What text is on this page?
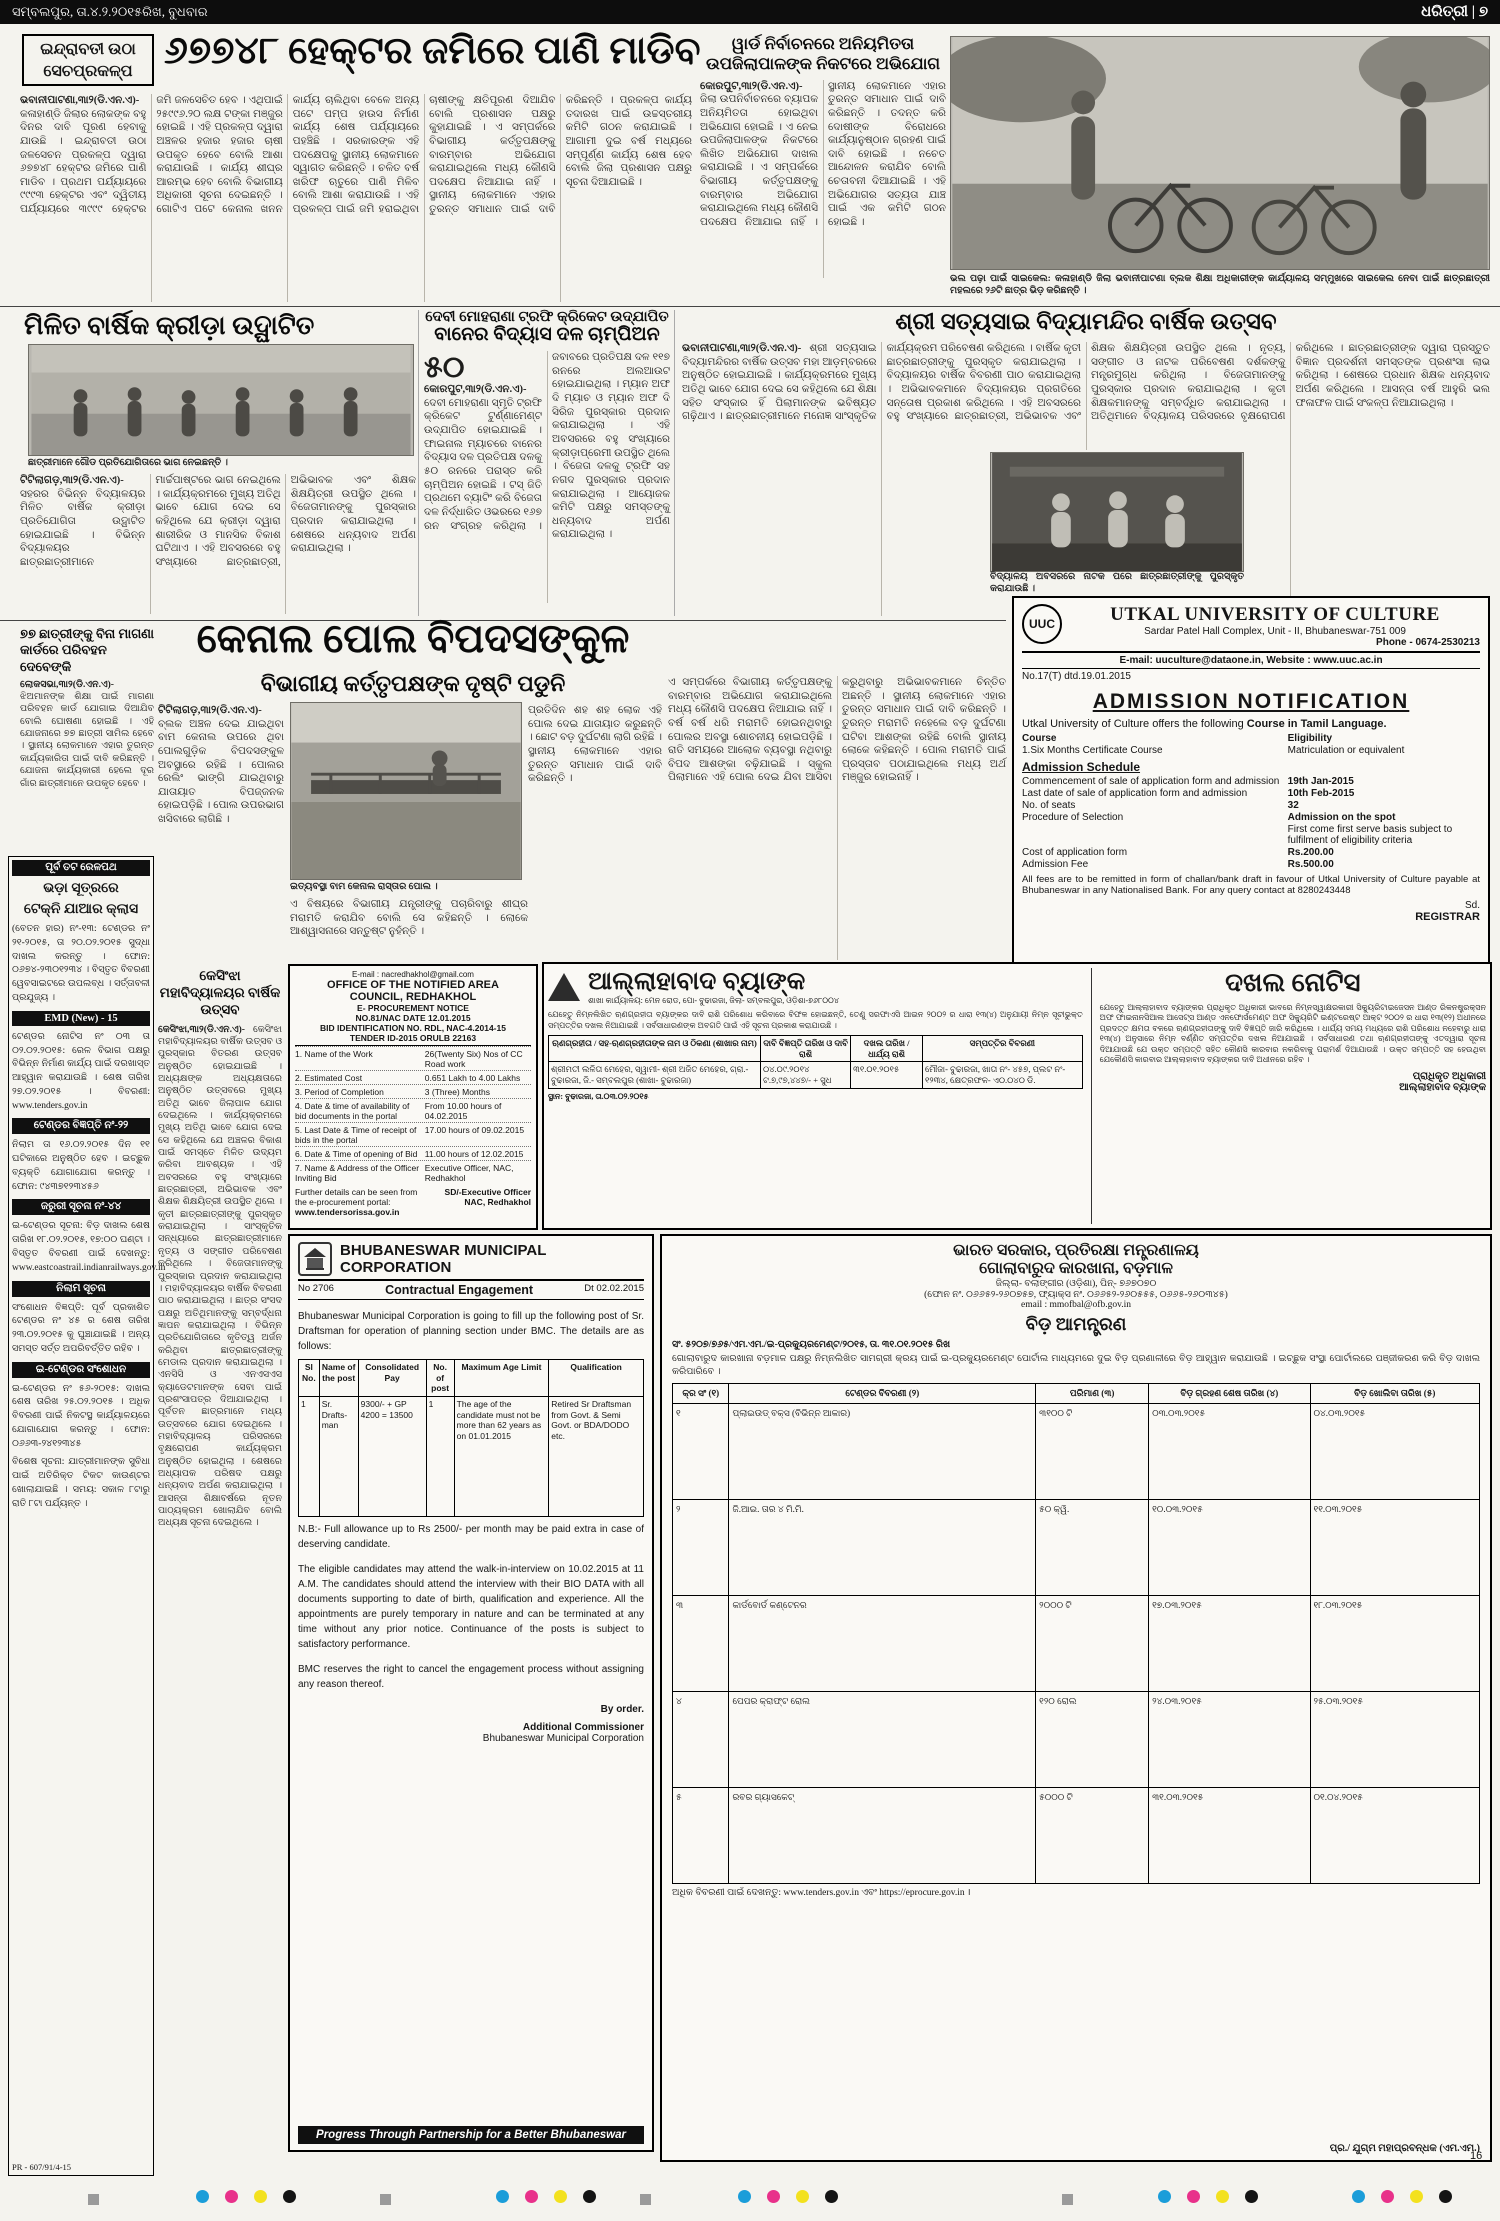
ସମ୍ବଲପୁର, ତା.୪.୨.୨୦୧୫ରିଖ, ବୁଧବାର	ଧରିତ୍ରୀ | ୭
ଇନ୍ଦ୍ରାବତୀ ଉଠା
ସେଚପ୍ରକଳ୍ପ ୬୭୭୪୮ ହେକ୍ଟର ଜମିରେ ପାଣି ମାଡିବ

ଭବାନୀପାଟଣା,୩ା୨(ଡି.ଏନ.ଏ)- କଳାହାଣ୍ଡି ଜିଲାର ଲୋକଙ୍କ ବହୁ ଦିନର ଦାବି ପୂରଣ ହେବାକୁ ଯାଉଛି । ଇନ୍ଦ୍ରାବତୀ ଉଠା ଜଳସେଚନ ପ୍ରକଳ୍ପ ଦ୍ୱାରା ୬୭୭୪୮ ହେକ୍ଟର ଜମିରେ ପାଣି ମାଡିବ । ପ୍ରଥମ ପର୍ଯ୍ୟାୟରେ ୯୯୯୩ ହେକ୍ଟର ଏବଂ ଦ୍ୱିତୀୟ ପର୍ଯ୍ୟାୟରେ ୩୯୯୯ ହେକ୍ଟର ଜମି ଜଳସେଚିତ ହେବ । ଏଥିପାଇଁ ୨୫୯୯୬.୨୦ ଲକ୍ଷ ଟଙ୍କା ମଞ୍ଜୁର ହୋଇଛି । ଏହି ପ୍ରକଳ୍ପ ଦ୍ୱାରା ଅଞ୍ଚଳର ହଜାର ହଜାର ଚାଷୀ ଉପକୃତ ହେବେ ବୋଲି ଆଶା କରାଯାଉଛି । କାର୍ଯ୍ୟ ଶୀଘ୍ର ଆରମ୍ଭ ହେବ ବୋଲି ବିଭାଗୀୟ ଅଧିକାରୀ ସୂଚନା ଦେଇଛନ୍ତି । ଗୋଟିଏ ପଟେ କେନାଲ ଖନନ କାର୍ଯ୍ୟ ଚାଲିଥିବା ବେଳେ ଅନ୍ୟ ପଟେ ପମ୍ପ ହାଉସ ନିର୍ମାଣ କାର୍ଯ୍ୟ ଶେଷ ପର୍ଯ୍ୟାୟରେ ପହଞ୍ଚିଛି । ସରକାରଙ୍କ ଏହି ପଦକ୍ଷେପକୁ ସ୍ଥାନୀୟ ଲୋକମାନେ ସ୍ୱାଗତ କରିଛନ୍ତି । ଚଳିତ ବର୍ଷ ଖରିଫ ଋତୁରେ ପାଣି ମିଳିବ ବୋଲି ଆଶା କରାଯାଉଛି । ଏହି ପ୍ରକଳ୍ପ ପାଇଁ ଜମି ହରାଇଥିବା ଚାଷୀଙ୍କୁ କ୍ଷତିପୂରଣ ଦିଆଯିବ ବୋଲି ପ୍ରଶାସନ ପକ୍ଷରୁ କୁହାଯାଇଛି । ଏ ସମ୍ପର୍କରେ ବିଭାଗୀୟ କର୍ତ୍ତୃପକ୍ଷଙ୍କୁ ବାରମ୍ବାର ଅଭିଯୋଗ କରାଯାଇଥିଲେ ମଧ୍ୟ କୌଣସି ପଦକ୍ଷେପ ନିଆଯାଇ ନାହିଁ । ସ୍ଥାନୀୟ ଲୋକମାନେ ଏହାର ତୁରନ୍ତ ସମାଧାନ ପାଇଁ ଦାବି କରିଛନ୍ତି । ପ୍ରକଳ୍ପ କାର୍ଯ୍ୟ ତଦାରଖ ପାଇଁ ଉଚ୍ଚସ୍ତରୀୟ କମିଟି ଗଠନ କରାଯାଇଛି । ଆଗାମୀ ଦୁଇ ବର୍ଷ ମଧ୍ୟରେ ସମ୍ପୂର୍ଣ୍ଣ କାର୍ଯ୍ୟ ଶେଷ ହେବ ବୋଲି ଜିଲା ପ୍ରଶାସନ ପକ୍ଷରୁ ସୂଚନା ଦିଆଯାଇଛି ।

ୱାର୍ଡ ନିର୍ବାଚନରେ ଅନିୟମିତତା ଉପଜିଲାପାଳଙ୍କ ନିକଟରେ ଅଭିଯୋଗ

କୋରପୁଟ,୩ା୨(ଡି.ଏନ.ଏ)- ଜିଲା ଉପନିର୍ବାଚନରେ ବ୍ୟାପକ ଅନିୟମିତତା ହୋଇଥିବା ଅଭିଯୋଗ ହୋଇଛି । ଏ ନେଇ ଉପଜିଲାପାଳଙ୍କ ନିକଟରେ ଲିଖିତ ଅଭିଯୋଗ ଦାଖଲ କରାଯାଇଛି । ଏ ସମ୍ପର୍କରେ ବିଭାଗୀୟ କର୍ତ୍ତୃପକ୍ଷଙ୍କୁ ବାରମ୍ବାର ଅଭିଯୋଗ କରାଯାଇଥିଲେ ମଧ୍ୟ କୌଣସି ପଦକ୍ଷେପ ନିଆଯାଇ ନାହିଁ । ସ୍ଥାନୀୟ ଲୋକମାନେ ଏହାର ତୁରନ୍ତ ସମାଧାନ ପାଇଁ ଦାବି କରିଛନ୍ତି । ତଦନ୍ତ କରି ଦୋଷୀଙ୍କ ବିରୋଧରେ କାର୍ଯ୍ୟାନୁଷ୍ଠାନ ଗ୍ରହଣ ପାଇଁ ଦାବି ହୋଇଛି । ନଚେତ ଆନ୍ଦୋଳନ କରାଯିବ ବୋଲି ଚେତାବନୀ ଦିଆଯାଇଛି । ଏହି ଅଭିଯୋଗର ସତ୍ୟତା ଯାଞ୍ଚ ପାଇଁ ଏକ କମିଟି ଗଠନ ହୋଇଛି ।

ଭଲ ପଢ଼ା ପାଇଁ ସାଇକେଲ: କଳାହାଣ୍ଡି ଜିଲା ଭବାନୀପାଟଣା ବ୍ଲକ ଶିକ୍ଷା ଅଧିକାରୀଙ୍କ କାର୍ଯ୍ୟାଳୟ ସମ୍ମୁଖରେ ସାଇକେଲ ନେବା ପାଇଁ ଛାତ୍ରଛାତ୍ରୀ ମହଲରେ ୨୬ଟି ଛାତ୍ର ଭିଡ଼ କରିଛନ୍ତି ।

ମିଳିତ ବାର୍ଷିକ କ୍ରୀଡ଼ା ଉଦ୍ଘାଟିତ

ଛାତ୍ରୀମାନେ ଗୌଡ ପ୍ରତିଯୋଗିତାରେ ଭାଗ ନେଇଛନ୍ତି ।

ଟିଟିଲାଗଡ଼,୩ା୨(ଡି.ଏନ.ଏ)- ସହରର ବିଭିନ୍ନ ବିଦ୍ୟାଳୟର ମିଳିତ ବାର୍ଷିକ କ୍ରୀଡ଼ା ପ୍ରତିଯୋଗିତା ଉଦ୍ଘାଟିତ ହୋଇଯାଇଛି । ବିଭିନ୍ନ ବିଦ୍ୟାଳୟର ଛାତ୍ରଛାତ୍ରୀମାନେ ମାର୍ଚ୍ଚପାଷ୍ଟରେ ଭାଗ ନେଇଥିଲେ । କାର୍ଯ୍ୟକ୍ରମରେ ମୁଖ୍ୟ ଅତିଥି ଭାବେ ଯୋଗ ଦେଇ ସେ କହିଥିଲେ ଯେ କ୍ରୀଡ଼ା ଦ୍ୱାରା ଶାରୀରିକ ଓ ମାନସିକ ବିକାଶ ଘଟିଥାଏ । ଏହି ଅବସରରେ ବହୁ ସଂଖ୍ୟାରେ ଛାତ୍ରଛାତ୍ରୀ, ଅଭିଭାବକ ଏବଂ ଶିକ୍ଷକ ଶିକ୍ଷୟିତ୍ରୀ ଉପସ୍ଥିତ ଥିଲେ । ବିଜେତାମାନଙ୍କୁ ପୁରସ୍କାର ପ୍ରଦାନ କରାଯାଇଥିଲା । ଶେଷରେ ଧନ୍ୟବାଦ ଅର୍ପଣ କରାଯାଇଥିଲା ।

ଦେବୀ ମୋହରାଣା ଟ୍ରଫି କ୍ରିକେଟ ଉଦ୍ଯାପିତ
ବାନେର ବିଦ୍ୟାସ ଦଳ ଚାମ୍ପିଅନ

୫୦
କୋରପୁଟ,୩ା୨(ଡି.ଏନ.ଏ)- ଦେବୀ ମୋହରାଣା ସ୍ମୃତି ଟ୍ରଫି କ୍ରିକେଟ ଟୁର୍ଣ୍ଣାମେଣ୍ଟ ଉଦ୍ଯାପିତ ହୋଇଯାଇଛି । ଫାଇନାଲ ମ୍ୟାଚରେ ବାନେର ବିଦ୍ୟାସ ଦଳ ପ୍ରତିପକ୍ଷ ଦଳକୁ ୫୦ ରନରେ ପରାସ୍ତ କରି ଚାମ୍ପିଅନ ହୋଇଛି । ଟସ୍ ଜିତି ପ୍ରଥମେ ବ୍ୟାଟିଂ କରି ବିଜେତା ଦଳ ନିର୍ଦ୍ଧାରିତ ଓଭରରେ ୧୬୭ ରନ ସଂଗ୍ରହ କରିଥିଲା । ଜବାବରେ ପ୍ରତିପକ୍ଷ ଦଳ ୧୧୭ ରନରେ ଅଲଆଉଟ ହୋଇଯାଇଥିଲା । ମ୍ୟାନ ଅଫ ଦି ମ୍ୟାଚ ଓ ମ୍ୟାନ ଅଫ ଦି ସିରିଜ ପୁରସ୍କାର ପ୍ରଦାନ କରାଯାଇଥିଲା । ଏହି ଅବସରରେ ବହୁ ସଂଖ୍ୟାରେ କ୍ରୀଡ଼ାପ୍ରେମୀ ଉପସ୍ଥିତ ଥିଲେ । ବିଜେତା ଦଳକୁ ଟ୍ରଫି ସହ ନଗଦ ପୁରସ୍କାର ପ୍ରଦାନ କରାଯାଇଥିଲା । ଆୟୋଜକ କମିଟି ପକ୍ଷରୁ ସମସ୍ତଙ୍କୁ ଧନ୍ୟବାଦ ଅର୍ପଣ କରାଯାଇଥିଲା ।

ଶ୍ରୀ ସତ୍ୟସାଇ ବିଦ୍ୟାମନ୍ଦିର ବାର୍ଷିକ ଉତ୍ସବ

ଭବାନୀପାଟଣା,୩ା୨(ଡି.ଏନ.ଏ)- ଶ୍ରୀ ସତ୍ୟସାଇ ବିଦ୍ୟାମନ୍ଦିରର ବାର୍ଷିକ ଉତ୍ସବ ମହା ଆଡ଼ମ୍ବରରେ ଅନୁଷ୍ଠିତ ହୋଇଯାଇଛି । କାର୍ଯ୍ୟକ୍ରମରେ ମୁଖ୍ୟ ଅତିଥି ଭାବେ ଯୋଗ ଦେଇ ସେ କହିଥିଲେ ଯେ ଶିକ୍ଷା ସହିତ ସଂସ୍କାର ହିଁ ପିଲାମାନଙ୍କ ଭବିଷ୍ୟତ ଗଢ଼ିଥାଏ । ଛାତ୍ରଛାତ୍ରୀମାନେ ମନୋଜ୍ଞ ସାଂସ୍କୃତିକ କାର୍ଯ୍ୟକ୍ରମ ପରିବେଷଣ କରିଥିଲେ । ବାର୍ଷିକ କୃତୀ ଛାତ୍ରଛାତ୍ରୀଙ୍କୁ ପୁରସ୍କୃତ କରାଯାଇଥିଲା । ବିଦ୍ୟାଳୟର ବାର୍ଷିକ ବିବରଣୀ ପାଠ କରାଯାଇଥିଲା । ଅଭିଭାବକମାନେ ବିଦ୍ୟାଳୟର ପ୍ରଗତିରେ ସନ୍ତୋଷ ପ୍ରକାଶ କରିଥିଲେ । ଏହି ଅବସରରେ ବହୁ ସଂଖ୍ୟାରେ ଛାତ୍ରଛାତ୍ରୀ, ଅଭିଭାବକ ଏବଂ ଶିକ୍ଷକ ଶିକ୍ଷୟିତ୍ରୀ ଉପସ୍ଥିତ ଥିଲେ । ନୃତ୍ୟ, ସଙ୍ଗୀତ ଓ ନାଟକ ପରିବେଷଣ ଦର୍ଶକଙ୍କୁ ମନ୍ତ୍ରମୁଗ୍ଧ କରିଥିଲା । ବିଜେତାମାନଙ୍କୁ ପୁରସ୍କାର ପ୍ରଦାନ କରାଯାଇଥିଲା । କୃତୀ ଶିକ୍ଷକମାନଙ୍କୁ ସମ୍ବର୍ଦ୍ଧିତ କରାଯାଇଥିଲା । ଅତିଥିମାନେ ବିଦ୍ୟାଳୟ ପରିସରରେ ବୃକ୍ଷରୋପଣ କରିଥିଲେ । ଛାତ୍ରଛାତ୍ରୀଙ୍କ ଦ୍ୱାରା ପ୍ରସ୍ତୁତ ବିଜ୍ଞାନ ପ୍ରଦର୍ଶନୀ ସମସ୍ତଙ୍କ ପ୍ରଶଂସା ଲାଭ କରିଥିଲା । ଶେଷରେ ପ୍ରଧାନ ଶିକ୍ଷକ ଧନ୍ୟବାଦ ଅର୍ପଣ କରିଥିଲେ । ଆସନ୍ତା ବର୍ଷ ଆହୁରି ଭଲ ଫଳାଫଳ ପାଇଁ ସଂକଳ୍ପ ନିଆଯାଇଥିଲା ।

ବିଦ୍ୟାଳୟ ଅବସରରେ ନାଟକ ପରେ ଛାତ୍ରଛାତ୍ରୀଙ୍କୁ ପୁରସ୍କୃତ କରାଯାଉଛି ।

୭୭ ଛାତ୍ରୀଙ୍କୁ ବିନା ମାଗଣା କାର୍ଡରେ ପରିବହନ ଦେବେଙ୍କି

ଲୋକସଭା,୩ା୨(ଡି.ଏନ.ଏ)- ଝିଅମାନଙ୍କ ଶିକ୍ଷା ପାଇଁ ମାଗଣା ପରିବହନ କାର୍ଡ ଯୋଗାଇ ଦିଆଯିବ ବୋଲି ଘୋଷଣା ହୋଇଛି । ଏହି ଯୋଜନାରେ ୭୭ ଛାତ୍ରୀ ସାମିଲ ହେବେ । ସ୍ଥାନୀୟ ଲୋକମାନେ ଏହାର ତୁରନ୍ତ କାର୍ଯ୍ୟକାରିତା ପାଇଁ ଦାବି କରିଛନ୍ତି । ଯୋଜନା କାର୍ଯ୍ୟକାରୀ ହେଲେ ଦୂର ଗାଁର ଛାତ୍ରୀମାନେ ଉପକୃତ ହେବେ ।

କେନାଲ ପୋଲ ବିପଦସଙ୍କୁଳ
ବିଭାଗୀୟ କର୍ତ୍ତୃପକ୍ଷଙ୍କ ଦୃଷ୍ଟି ପଡୁନି

ଟିଟିଲାଗଡ଼,୩ା୨(ଡି.ଏନ.ଏ)- ବ୍ଲକ ଅଞ୍ଚଳ ଦେଇ ଯାଇଥିବା ବାମ କେନାଲ ଉପରେ ଥିବା ପୋଲଗୁଡ଼ିକ ବିପଦସଙ୍କୁଳ ଅବସ୍ଥାରେ ରହିଛି । ପୋଲର ରେଲିଂ ଭାଙ୍ଗି ଯାଇଥିବାରୁ ଯାତାୟାତ ବିପଜ୍ଜନକ ହୋଇପଡ଼ିଛି । ପୋଲ ଉପରଭାଗ ଖସିବାରେ ଲାଗିଛି ।

ଇତ୍ୟବସ୍ଥା ବାମ କେନାଲ ରାସ୍ତାର ପୋଲ ।

ପ୍ରତିଦିନ ଶହ ଶହ ଲୋକ ଏହି ପୋଲ ଦେଇ ଯାତାୟାତ କରୁଛନ୍ତି । ଛୋଟ ବଡ଼ ଦୁର୍ଘଟଣା ଲାଗି ରହିଛି । ସ୍ଥାନୀୟ ଲୋକମାନେ ଏହାର ତୁରନ୍ତ ସମାଧାନ ପାଇଁ ଦାବି କରିଛନ୍ତି ।

ଏ ସମ୍ପର୍କରେ ବିଭାଗୀୟ କର୍ତ୍ତୃପକ୍ଷଙ୍କୁ ବାରମ୍ବାର ଅଭିଯୋଗ କରାଯାଇଥିଲେ ମଧ୍ୟ କୌଣସି ପଦକ୍ଷେପ ନିଆଯାଇ ନାହିଁ । ବର୍ଷ ବର୍ଷ ଧରି ମରାମତି ହୋଇନଥିବାରୁ ପୋଲର ଅବସ୍ଥା ଶୋଚନୀୟ ହୋଇପଡ଼ିଛି । ରାତି ସମୟରେ ଆଲୋକ ବ୍ୟବସ୍ଥା ନଥିବାରୁ ବିପଦ ଆଶଙ୍କା ବଢ଼ିଯାଇଛି । ସ୍କୁଲ ପିଲାମାନେ ଏହି ପୋଲ ଦେଇ ଯିବା ଆସିବା କରୁଥିବାରୁ ଅଭିଭାବକମାନେ ଚିନ୍ତିତ ଅଛନ୍ତି । ସ୍ଥାନୀୟ ଲୋକମାନେ ଏହାର ତୁରନ୍ତ ସମାଧାନ ପାଇଁ ଦାବି କରିଛନ୍ତି । ତୁରନ୍ତ ମରାମତି ନହେଲେ ବଡ଼ ଦୁର୍ଘଟଣା ଘଟିବା ଆଶଙ୍କା ରହିଛି ବୋଲି ସ୍ଥାନୀୟ ଲୋକେ କହିଛନ୍ତି । ପୋଲ ମରାମତି ପାଇଁ ପ୍ରସ୍ତାବ ପଠାଯାଇଥିଲେ ମଧ୍ୟ ଅର୍ଥ ମଞ୍ଜୁର ହୋଇନାହିଁ ।

ଏ ବିଷୟରେ ବିଭାଗୀୟ ଯନ୍ତ୍ରୀଙ୍କୁ ପଚାରିବାରୁ ଶୀଘ୍ର ମରାମତି କରାଯିବ ବୋଲି ସେ କହିଛନ୍ତି । ଲୋକେ ଆଶ୍ୱାସନାରେ ସନ୍ତୁଷ୍ଟ ନୁହଁନ୍ତି ।

UUC	UTKAL UNIVERSITY OF CULTURE
Sardar Patel Hall Complex, Unit - II, Bhubaneswar-751 009
Phone - 0674-2530213
E-mail: uuculture@dataone.in, Website : www.uuc.ac.in
No.17(T) dtd.19.01.2015
ADMISSION NOTIFICATION
Utkal University of Culture offers the following Course in Tamil Language.
Course	Eligibility
1.Six Months Certificate Course	Matriculation or equivalent
Admission Schedule
Commencement of sale of application form and admission 19th Jan-2015
Last date of sale of application form and admission	10th Feb-2015
No. of seats	32
Procedure of Selection	Admission on the spot
First come first serve basis subject to fulfilment of eligibility criteria
Cost of application form	Rs.200.00
Admission Fee	Rs.500.00
All fees are to be remitted in form of challan/bank draft in favour of Utkal University of Culture payable at Bhubaneswar in any Nationalised Bank. For any query contact at 8280243448
Sd.
REGISTRAR
ପୂର୍ବ ତଟ ରେଳପଥ
ଭଡ଼ା ସୂତ୍ରରେ
ଟେକ୍ନି ଯାଆର କ୍ଲାସ
(ବେତନ ହାର) ନଂ-୧୩: ଟେଣ୍ଡର ନଂ ୨୧-୨୦୧୫, ତା ୨୦.୦୨.୨୦୧୫ ସୁଦ୍ଧା ଦାଖଲ କରନ୍ତୁ । ଫୋନ: ୦୬୭୪-୨୩୦୧୨୩୪ । ବିସ୍ତୃତ ବିବରଣୀ ୱେବସାଇଟରେ ଉପଲବ୍ଧ । ସର୍ତ୍ତାବଳୀ ପ୍ରଯୁଜ୍ୟ ।
EMD (New) - 15
ଟେଣ୍ଡର ନୋଟିସ ନଂ ୦୩ ତା ୦୨.୦୨.୨୦୧୫: ରେଳ ବିଭାଗ ପକ୍ଷରୁ ବିଭିନ୍ନ ନିର୍ମାଣ କାର୍ଯ୍ୟ ପାଇଁ ଦରଖାସ୍ତ ଆହ୍ୱାନ କରାଯାଉଛି । ଶେଷ ତାରିଖ ୨୭.୦୨.୨୦୧୫ । ବିବରଣୀ: www.tenders.gov.in
ଟେଣ୍ଡର ବିଜ୍ଞପ୍ତି ନଂ-୨୨
ନିଲାମ ତା ୧୬.୦୨.୨୦୧୫ ଦିନ ୧୧ ଘଟିକାରେ ଅନୁଷ୍ଠିତ ହେବ । ଇଚ୍ଛୁକ ବ୍ୟକ୍ତି ଯୋଗାଯୋଗ କରନ୍ତୁ । ଫୋନ: ୯୪୩୭୧୨୩୪୫୬
ଜରୁରୀ ସୂଚନା ନଂ-୪୪
ଇ-ଟେଣ୍ଡର ସୂଚନା: ବିଡ଼ ଦାଖଲ ଶେଷ ତାରିଖ ୧୮.୦୨.୨୦୧୫, ୧୭:୦୦ ଘଣ୍ଟା । ବିସ୍ତୃତ ବିବରଣୀ ପାଇଁ ଦେଖନ୍ତୁ: www.eastcoastrail.indianrailways.gov.in
ନିଲାମ ସୂଚନା
ସଂଶୋଧନ ବିଜ୍ଞପ୍ତି: ପୂର୍ବ ପ୍ରକାଶିତ ଟେଣ୍ଡର ନଂ ୪୫ ର ଶେଷ ତାରିଖ ୨୩.୦୨.୨୦୧୫ କୁ ଘୁଞ୍ଚାଯାଇଛି । ଅନ୍ୟ ସମସ୍ତ ସର୍ତ୍ତ ଅପରିବର୍ତ୍ତିତ ରହିବ ।
ଇ-ଟେଣ୍ଡର ସଂଶୋଧନ
ଇ-ଟେଣ୍ଡର ନଂ ୫୬-୨୦୧୫: ଦାଖଲ ଶେଷ ତାରିଖ ୨୫.୦୨.୨୦୧୫ । ଅଧିକ ବିବରଣୀ ପାଇଁ ନିକଟସ୍ଥ କାର୍ଯ୍ୟାଳୟରେ ଯୋଗାଯୋଗ କରନ୍ତୁ । ଫୋନ: ୦୬୬୩-୨୪୧୨୩୪୫
ବିଶେଷ ସୂଚନା: ଯାତ୍ରୀମାନଙ୍କ ସୁବିଧା ପାଇଁ ଅତିରିକ୍ତ ଟିକଟ କାଉଣ୍ଟର ଖୋଲାଯାଇଛି । ସମୟ: ସକାଳ ୮ଟାରୁ ରାତି ୮ଟା ପର୍ଯ୍ୟନ୍ତ ।
PR - 607/91/4-15
କେସିଂଝା ମହାବିଦ୍ୟାଳୟର ବାର୍ଷିକ ଉତ୍ସବ

କେସିଂଝା,୩ା୨(ଡି.ଏନ.ଏ)- କେସିଂଝା ମହାବିଦ୍ୟାଳୟର ବାର୍ଷିକ ଉତ୍ସବ ଓ ପୁରସ୍କାର ବିତରଣ ଉତ୍ସବ ଅନୁଷ୍ଠିତ ହୋଇଯାଇଛି । ଅଧ୍ୟକ୍ଷଙ୍କ ଅଧ୍ୟକ୍ଷତାରେ ଅନୁଷ୍ଠିତ ଉତ୍ସବରେ ମୁଖ୍ୟ ଅତିଥି ଭାବେ ଜିଲାପାଳ ଯୋଗ ଦେଇଥିଲେ । କାର୍ଯ୍ୟକ୍ରମରେ ମୁଖ୍ୟ ଅତିଥି ଭାବେ ଯୋଗ ଦେଇ ସେ କହିଥିଲେ ଯେ ଅଞ୍ଚଳର ବିକାଶ ପାଇଁ ସମସ୍ତେ ମିଳିତ ଉଦ୍ୟମ କରିବା ଆବଶ୍ୟକ । ଏହି ଅବସରରେ ବହୁ ସଂଖ୍ୟାରେ ଛାତ୍ରଛାତ୍ରୀ, ଅଭିଭାବକ ଏବଂ ଶିକ୍ଷକ ଶିକ୍ଷୟିତ୍ରୀ ଉପସ୍ଥିତ ଥିଲେ । କୃତୀ ଛାତ୍ରଛାତ୍ରୀଙ୍କୁ ପୁରସ୍କୃତ କରାଯାଇଥିଲା । ସାଂସ୍କୃତିକ ସନ୍ଧ୍ୟାରେ ଛାତ୍ରଛାତ୍ରୀମାନେ ନୃତ୍ୟ ଓ ସଙ୍ଗୀତ ପରିବେଷଣ କରିଥିଲେ । ବିଜେତାମାନଙ୍କୁ ପୁରସ୍କାର ପ୍ରଦାନ କରାଯାଇଥିଲା । ମହାବିଦ୍ୟାଳୟର ବାର୍ଷିକ ବିବରଣୀ ପାଠ କରାଯାଇଥିଲା । ଛାତ୍ର ସଂସଦ ପକ୍ଷରୁ ଅତିଥିମାନଙ୍କୁ ସମ୍ବର୍ଦ୍ଧନା ଜ୍ଞାପନ କରାଯାଇଥିଲା । ବିଭିନ୍ନ ପ୍ରତିଯୋଗିତାରେ କୃତିତ୍ୱ ଅର୍ଜନ କରିଥିବା ଛାତ୍ରଛାତ୍ରୀଙ୍କୁ ମେଡାଲ ପ୍ରଦାନ କରାଯାଇଥିଲା । ଏନସିସି ଓ ଏନଏସଏସ କ୍ୟାଡେଟମାନଙ୍କ ସେବା ପାଇଁ ପ୍ରଶଂସାପତ୍ର ଦିଆଯାଇଥିଲା । ପୂର୍ବତନ ଛାତ୍ରମାନେ ମଧ୍ୟ ଉତ୍ସବରେ ଯୋଗ ଦେଇଥିଲେ । ମହାବିଦ୍ୟାଳୟ ପରିସରରେ ବୃକ୍ଷରୋପଣ କାର୍ଯ୍ୟକ୍ରମ ଅନୁଷ୍ଠିତ ହୋଇଥିଲା । ଶେଷରେ ଅଧ୍ୟାପକ ପରିଷଦ ପକ୍ଷରୁ ଧନ୍ୟବାଦ ଅର୍ପଣ କରାଯାଇଥିଲା । ଆସନ୍ତା ଶିକ୍ଷାବର୍ଷରେ ନୂତନ ପାଠ୍ୟକ୍ରମ ଖୋଲାଯିବ ବୋଲି ଅଧ୍ୟକ୍ଷ ସୂଚନା ଦେଇଥିଲେ ।

E-mail : nacredhakhol@gmail.com
OFFICE OF THE NOTIFIED AREA
COUNCIL, REDHAKHOL
E- PROCUREMENT NOTICE
NO.81/NAC DATE 12.01.2015
BID IDENTIFICATION NO. RDL, NAC-4.2014-15
TENDER ID-2015 ORULB 22163
1. Name of the Work	26(Twenty Six) Nos of CC Road work
2. Estimated Cost	0.651 Lakh to 4.00 Lakhs
3. Period of Completion	3 (Three) Months
4. Date & time of availability of bid documents in the portal
From 10.00 hours of 04.02.2015
5. Last Date & Time of receipt of bids in the portal
17.00 hours of 09.02.2015
6. Date & Time of opening of Bid 11.00 hours of 12.02.2015
7. Name & Address of the Officer Inviting Bid
Executive Officer, NAC, Redhakhol
Further details can be seen from the e-procurement portal: www.tendersorissa.gov.in
SD/-Executive Officer
NAC, Redhakhol
ଆଲ୍ଲାହାବାଦ ବ୍ୟାଙ୍କ
ଶାଖା କାର୍ଯ୍ୟାଳୟ: ମେନ ରୋଡ, ପୋ- ବୁଢାରଜା, ଜିଲା- ସମ୍ବଲପୁର, ଓଡ଼ିଶା-୭୬୮୦୦୪

ଯେହେତୁ ନିମ୍ନଲିଖିତ ଋଣଗ୍ରହୀତା ବ୍ୟାଙ୍କର ଦାବି ରାଶି ପରିଶୋଧ କରିବାରେ ବିଫଳ ହୋଇଛନ୍ତି, ତେଣୁ ସରଫାଏସି ଆଇନ ୨୦୦୨ ର ଧାରା ୧୩(୪) ଅନୁଯାୟୀ ନିମ୍ନ ସୂଚୀଭୁକ୍ତ ସମ୍ପତ୍ତିର ଦଖଲ ନିଆଯାଇଛି । ସର୍ବସାଧାରଣଙ୍କ ଅବଗତି ପାଇଁ ଏହି ସୂଚନା ପ୍ରକାଶ କରାଯାଉଛି ।

ଋଣଗ୍ରହୀତା / ସହ-ଋଣଗ୍ରହୀତାଙ୍କ ନାମ ଓ ଠିକଣା (ଶାଖାର ନାମ)	ଦାବି ବିଜ୍ଞପ୍ତି ତାରିଖ ଓ ଦାବି ରାଶି	ଦଖଲ ତାରିଖ / ଧାର୍ଯ୍ୟ ରାଶି	ସମ୍ପତ୍ତିର ବିବରଣୀ
ଶ୍ରୀମତୀ ଲଳିତା ମେହେର, ସ୍ୱାମୀ- ଶ୍ରୀ ଅଜିତ ମେହେର, ଗ୍ରା.- ବୁଢାରଜା, ଜି.- ସମ୍ବଲପୁର (ଶାଖା- ବୁଢାରଜା)	୦୪.୦୯.୨୦୧୪ ଟ.୭,୯୭,୪୪୭/- + ସୁଧ	୩୧.୦୧.୨୦୧୫	ମୌଜା- ବୁଢାରଜା, ଖାତା ନଂ- ୪୫୭, ପ୍ଲଟ ନଂ- ୧୨୩୪, କ୍ଷେତ୍ରଫଳ- ଏ୦.୦୪୦ ଡି.
ସ୍ଥାନ: ବୁଢାରଜା, ତା.୦୩.୦୨.୨୦୧୫
ଦଖଲ ନୋଟିସ

ଯେହେତୁ ଆଲ୍ଲାହାବାଦ ବ୍ୟାଙ୍କର ପ୍ରାଧିକୃତ ଅଧିକାରୀ ଭାବରେ ନିମ୍ନସ୍ୱାକ୍ଷରକାରୀ ସିକ୍ୟୁରିଟାଇଜେସନ ଆଣ୍ଡ ରିକନଷ୍ଟ୍ରକ୍ସନ ଅଫ ଫାଇନାନସିଆଲ ଆସେଟ୍ସ ଆଣ୍ଡ ଏନଫୋର୍ସମେଣ୍ଟ ଅଫ ସିକ୍ୟୁରିଟି ଇଣ୍ଟରେଷ୍ଟ ଆକ୍ଟ ୨୦୦୨ ର ଧାରା ୧୩(୧୨) ଅଧୀନରେ ପ୍ରଦତ୍ତ କ୍ଷମତା ବଳରେ ଋଣଗ୍ରହୀତାଙ୍କୁ ଦାବି ବିଜ୍ଞପ୍ତି ଜାରି କରିଥିଲେ । ଧାର୍ଯ୍ୟ ସମୟ ମଧ୍ୟରେ ରାଶି ପରିଶୋଧ ନହେବାରୁ ଧାରା ୧୩(୪) ଅନୁସାରେ ନିମ୍ନ ବର୍ଣ୍ଣିତ ସମ୍ପତ୍ତିର ଦଖଲ ନିଆଯାଇଛି । ସର୍ବସାଧାରଣ ତଥା ଋଣଗ୍ରହୀତାଙ୍କୁ ଏତଦ୍ୱାରା ସୂଚନା ଦିଆଯାଉଛି ଯେ ଉକ୍ତ ସମ୍ପତ୍ତି ସହିତ କୌଣସି କାରବାର ନକରିବାକୁ ପରାମର୍ଶ ଦିଆଯାଉଛି । ଉକ୍ତ ସମ୍ପତ୍ତି ସହ ହେଉଥିବା ଯେକୌଣସି କାରବାର ଆଲ୍ଲାହାବାଦ ବ୍ୟାଙ୍କର ଦାବି ଅଧୀନରେ ରହିବ ।

ପ୍ରାଧିକୃତ ଅଧିକାରୀ
ଆଲ୍ଲାହାବାଦ ବ୍ୟାଙ୍କ
BHUBANESWAR MUNICIPAL CORPORATION
No 2706	Contractual Engagement	Dt 02.02.2015

Bhubaneswar Municipal Corporation is going to fill up the following post of Sr. Draftsman for operation of planning section under BMC. The details are as follows:

Sl No.	Name of the post	Consolidated Pay	No. of post	Maximum Age Limit	Qualification
1	Sr. Drafts- man	9300/- + GP 4200 = 13500	1	The age of the candidate must not be more than 62 years as on 01.01.2015	Retired Sr Draftsman from Govt. & Semi Govt. or BDA/DODO etc.

N.B:- Full allowance up to Rs 2500/- per month may be paid extra in case of deserving candidate.

The eligible candidates may attend the walk-in-interview on 10.02.2015 at 11 A.M. The candidates should attend the interview with their BIO DATA with all documents supporting to date of birth, qualification and experience. All the appointments are purely temporary in nature and can be terminated at any time without any prior notice. Continuance of the posts is subject to satisfactory performance.

BMC reserves the right to cancel the engagement process without assigning any reason thereof.

By order.

Additional Commissioner
Bhubaneswar Municipal Corporation
Progress Through Partnership for a Better Bhubaneswar
ଭାରତ ସରକାର, ପ୍ରତିରକ୍ଷା ମନ୍ତ୍ରଣାଳୟ
ଗୋଲାବାରୁଦ କାରଖାନା, ବଡ଼ମାଳ
ଜିଲ୍ଲା- ବଲାଙ୍ଗୀର (ଓଡ଼ିଶା), ପିନ୍- ୭୬୭୦୭୦
(ଫୋନ ନଂ. ୦୬୬୫୨-୨୬୦୭୫୭, ଫ୍ୟାକ୍ସ ନଂ. ୦୬୬୫୨-୨୬୦୫୫୫, ୦୬୬୫-୨୬୦୩୪୫)
email : mmofbal@ofb.gov.in
ବିଡ଼ ଆମନ୍ତ୍ରଣ
ସଂ. ୫୨୦୭/୭୬୫/ଏମ.ଏମ./ଇ-ପ୍ରକ୍ୟୁରମେଣ୍ଟ/୨୦୧୫, ତା. ୩୧.୦୧.୨୦୧୫ ରିଖ

ଗୋଲାବାରୁଦ କାରଖାନା ବଡ଼ମାଳ ପକ୍ଷରୁ ନିମ୍ନଲିଖିତ ସାମଗ୍ରୀ କ୍ରୟ ପାଇଁ ଇ-ପ୍ରକ୍ୟୁରମେଣ୍ଟ ପୋର୍ଟାଲ ମାଧ୍ୟମରେ ଦୁଇ ବିଡ଼ ପ୍ରଣାଳୀରେ ବିଡ଼ ଆହ୍ୱାନ କରାଯାଉଛି । ଇଚ୍ଛୁକ ସଂସ୍ଥା ପୋର୍ଟାଲରେ ପଞ୍ଜୀକରଣ କରି ବିଡ଼ ଦାଖଲ କରିପାରିବେ ।

କ୍ର ସଂ (୧)	ଟେଣ୍ଡର ବିବରଣୀ (୨)	ପରିମାଣ (୩)	ବିଡ଼ ଗ୍ରହଣ ଶେଷ ତାରିଖ (୪)	ବିଡ଼ ଖୋଲିବା ତାରିଖ (୫)
୧	ପ୍ଲାଇଉଡ୍ ବକ୍ସ (ବିଭିନ୍ନ ଆକାର)	୩୧୦୦ ଟି	୦୩.୦୩.୨୦୧୫	୦୪.୦୩.୨୦୧୫
୨	ଜି.ଆଇ. ତାର ୪ ମି.ମି.	୫୦ କ୍ୱି.	୧୦.୦୩.୨୦୧୫	୧୧.୦୩.୨୦୧୫
୩	କାର୍ଡବୋର୍ଡ କଣ୍ଟେନର	୨୦୦୦ ଟି	୧୭.୦୩.୨୦୧୫	୧୮.୦୩.୨୦୧୫
୪	ପେପର କ୍ରାଫ୍ଟ ରୋଲ	୧୨୦ ରୋଲ	୨୪.୦୩.୨୦୧୫	୨୫.୦୩.୨୦୧୫
୫	ରବର ଗ୍ୟାସକେଟ୍	୫୦୦୦ ଟି	୩୧.୦୩.୨୦୧୫	୦୧.୦୪.୨୦୧୫

ଅଧିକ ବିବରଣୀ ପାଇଁ ଦେଖନ୍ତୁ: www.tenders.gov.in ଏବଂ https://eprocure.gov.in ।

ପ୍ର./ ଯୁଗ୍ମ ମହାପ୍ରବନ୍ଧକ (ଏମ.ଏମ.)
16
